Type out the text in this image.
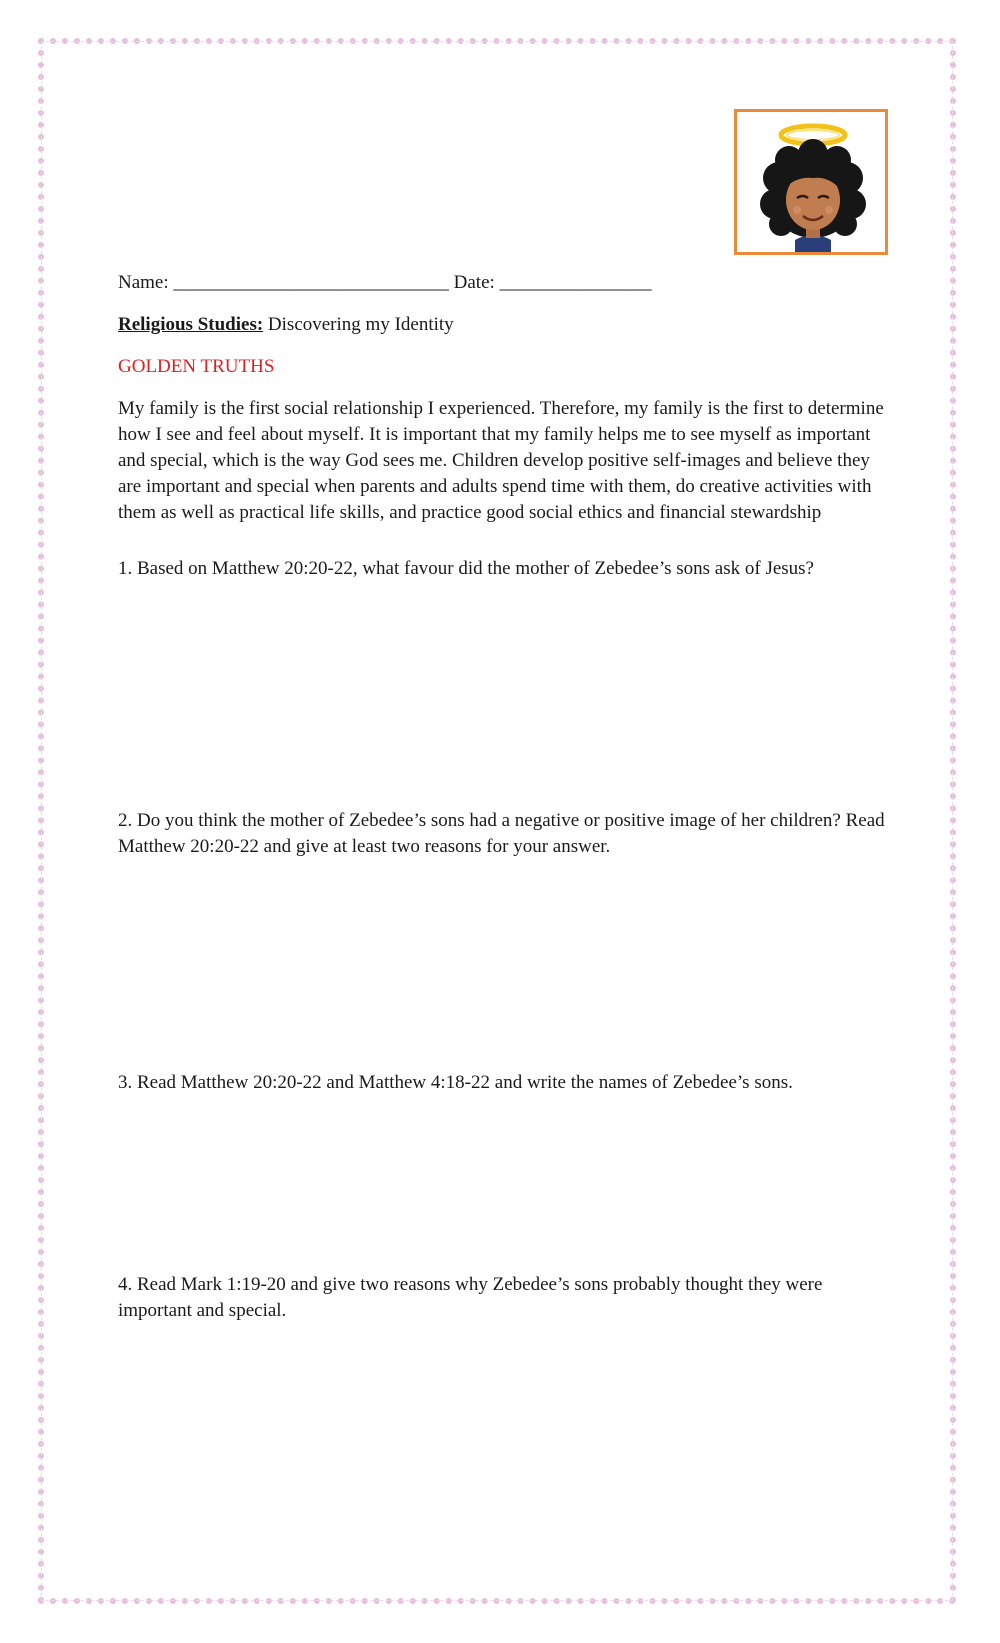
Name: _____________________________ Date: ________________

Religious Studies: Discovering my Identity

GOLDEN TRUTHS

My family is the first social relationship I experienced. Therefore, my family is the first to determine how I see and feel about myself. It is important that my family helps me to see myself as important and special, which is the way God sees me. Children develop positive self-images and believe they are important and special when parents and adults spend time with them, do creative activities with them as well as practical life skills, and practice good social ethics and financial stewardship

1. Based on Matthew 20:20-22, what favour did the mother of Zebedee’s sons ask of Jesus?

2. Do you think the mother of Zebedee’s sons had a negative or positive image of her children? Read Matthew 20:20-22 and give at least two reasons for your answer.

3. Read Matthew 20:20-22 and Matthew 4:18-22 and write the names of Zebedee’s sons.

4. Read Mark 1:19-20 and give two reasons why Zebedee’s sons probably thought they were important and special.
